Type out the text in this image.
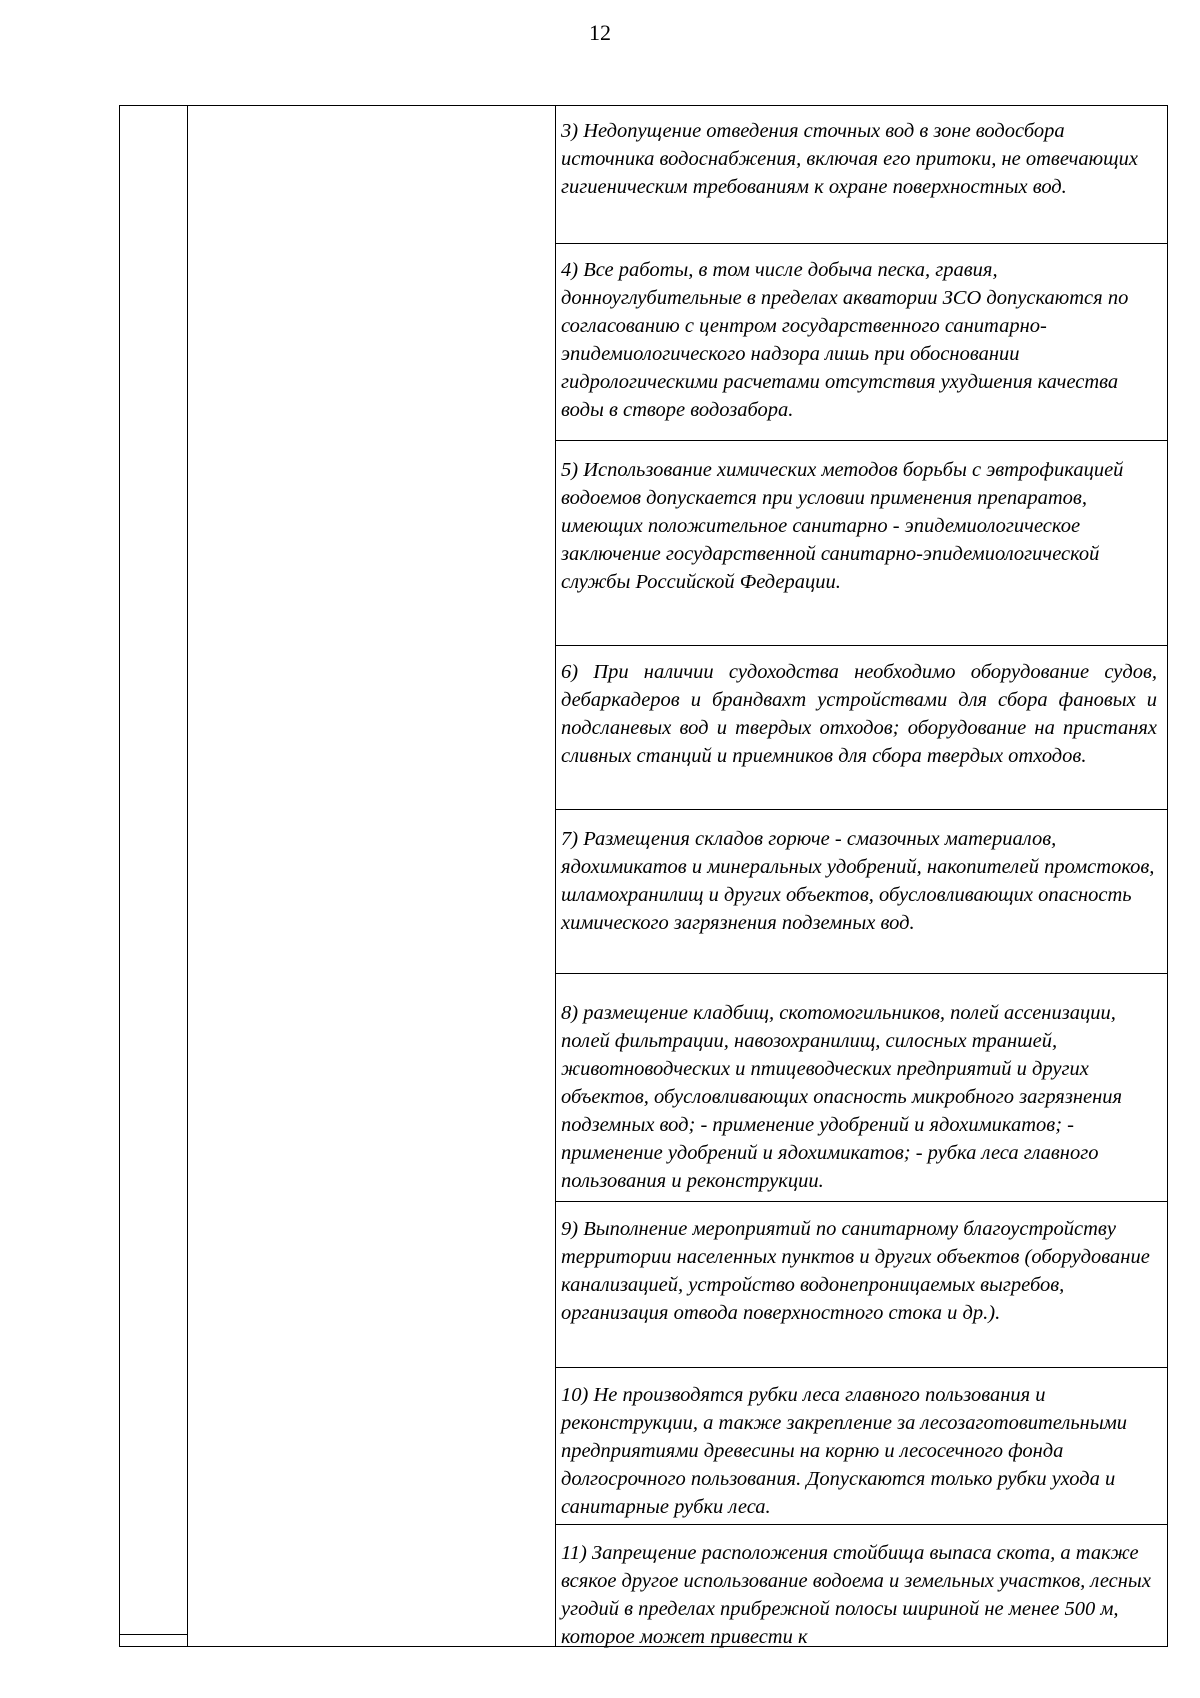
12

3) Недопущение отведения сточных вод в зоне водосбора источника водоснабжения, включая его притоки, не отвечающих гигиеническим требованиям к охране поверхностных вод.

4) Все работы, в том числе добыча песка, гравия, донноуглубительные в пределах акватории ЗСО допускаются по согласованию с центром государственного санитарно-эпидемиологического надзора лишь при обосновании гидрологическими расчетами отсутствия ухудшения качества воды в створе водозабора.

5) Использование химических методов борьбы с эвтрофикацией водоемов допускается при условии применения препаратов, имеющих положительное санитарно - эпидемиологическое заключение государственной санитарно-эпидемиологической службы Российской Федерации.

6) При наличии судоходства необходимо оборудование судов, дебаркадеров и брандвахт устройствами для сбора фановых и подсланевых вод и твердых отходов; оборудование на пристанях сливных станций и приемников для сбора твердых отходов.

7) Размещения складов горюче - смазочных материалов, ядохимикатов и минеральных удобрений, накопителей промстоков, шламохранилищ и других объектов, обусловливающих опасность химического загрязнения подземных вод.

8) размещение кладбищ, скотомогильников, полей ассенизации, полей фильтрации, навозохранилищ, силосных траншей, животноводческих и птицеводческих предприятий и других объектов, обусловливающих опасность микробного загрязнения подземных вод; - применение удобрений и ядохимикатов; - применение удобрений и ядохимикатов; - рубка леса главного пользования и реконструкции.

9) Выполнение мероприятий по санитарному благоустройству территории населенных пунктов и других объектов (оборудование канализацией, устройство водонепроницаемых выгребов, организация отвода поверхностного стока и др.).

10) Не производятся рубки леса главного пользования и реконструкции, а также закрепление за лесозаготовительными предприятиями древесины на корню и лесосечного фонда долгосрочного пользования. Допускаются только рубки ухода и санитарные рубки леса.

11) Запрещение расположения стойбища выпаса скота, а также всякое другое использование водоема и земельных участков, лесных угодий в пределах прибрежной полосы шириной не менее 500 м, которое может привести к
